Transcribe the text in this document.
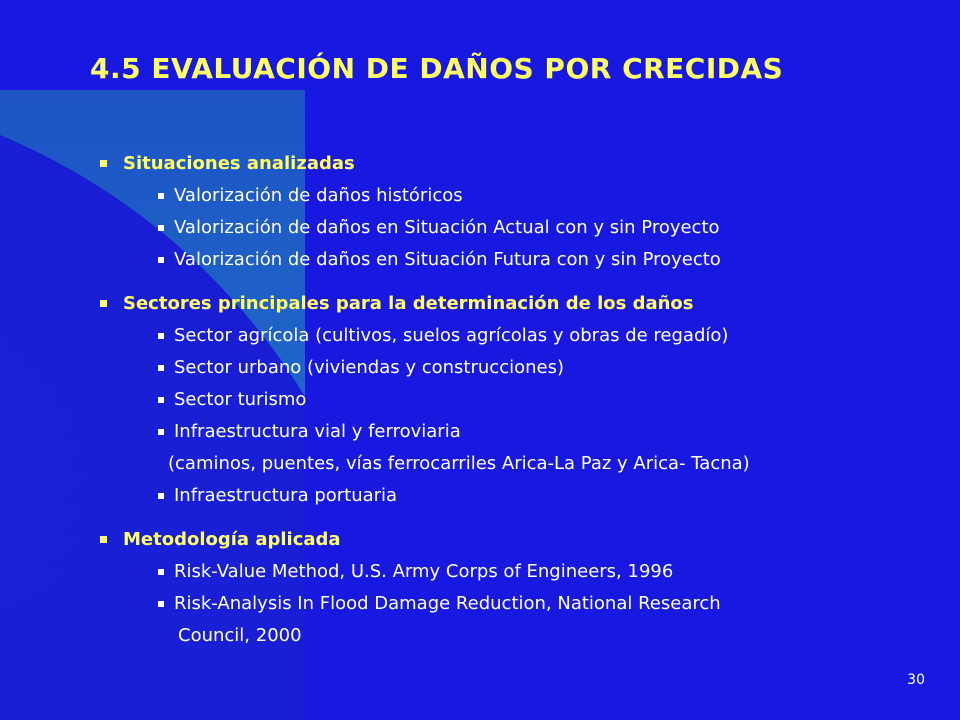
4.5 EVALUACIÓN DE DAÑOS POR CRECIDAS
Situaciones analizadas
Valorización de daños históricos
Valorización de daños en Situación Actual con y sin Proyecto
Valorización de daños en Situación Futura con y sin Proyecto
Sectores principales para la determinación de los daños
Sector agrícola (cultivos, suelos agrícolas y obras de regadío)
Sector urbano (viviendas y construcciones)
Sector turismo
Infraestructura vial y ferroviaria
(caminos, puentes, vías ferrocarriles Arica-La Paz y Arica- Tacna)
Infraestructura portuaria
Metodología aplicada
Risk-Value Method, U.S. Army Corps of Engineers, 1996
Risk-Analysis In Flood Damage Reduction, National Research
Council, 2000
30
